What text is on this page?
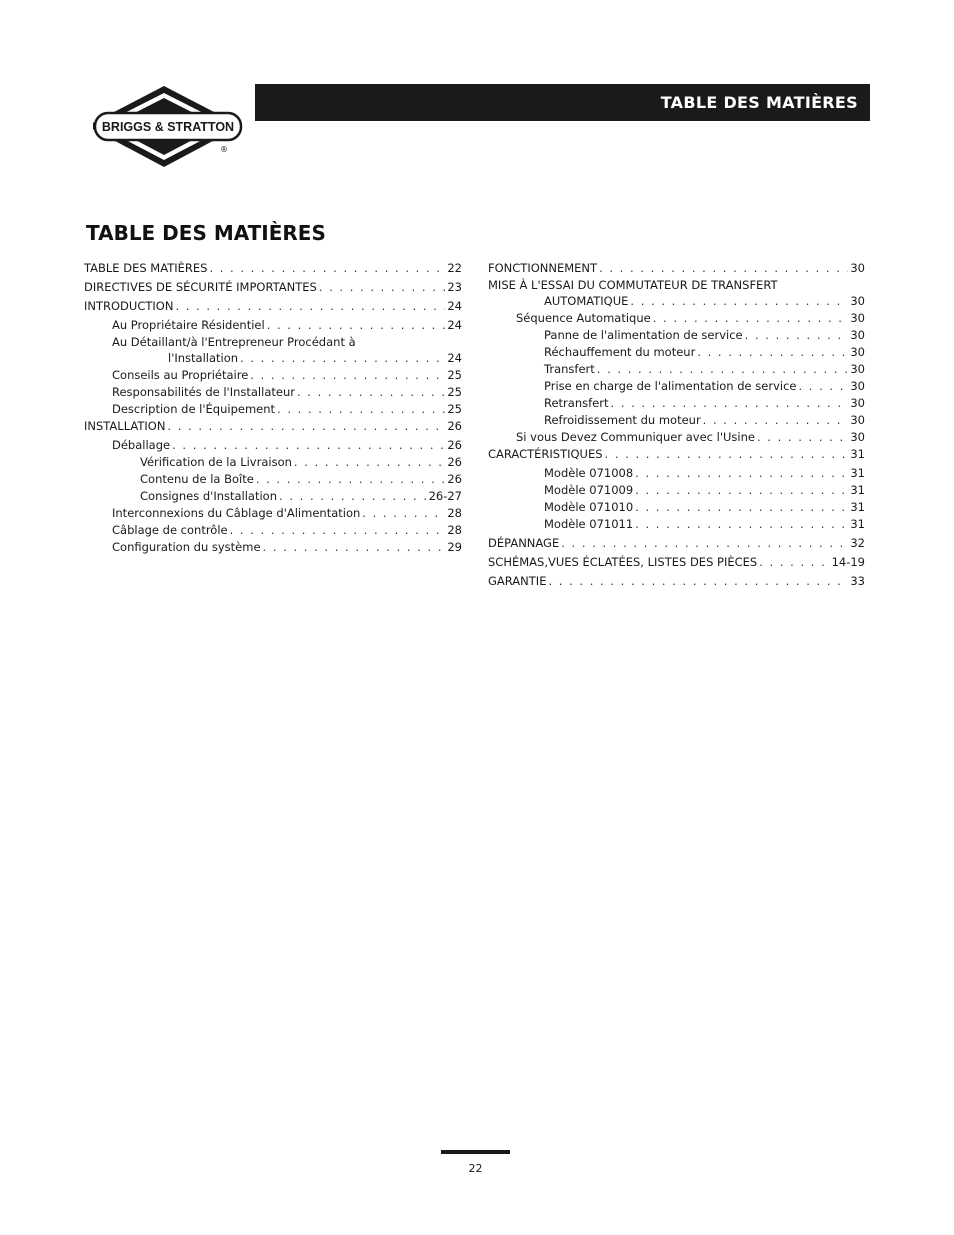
BRIGGS & STRATTON
®
TABLE DES MATIÈRES
TABLE DES MATIÈRES
TABLE DES MATIÈRES . . .	22
DIRECTIVES DE SÉCURITÉ IMPORTANTES . . .	23
INTRODUCTION . . .	24
Au Propriétaire Résidentiel . . .	24
Au Détaillant/à l'Entrepreneur Procédant à
l'Installation . . .	24
Conseils au Propriétaire . . .	25
Responsabilités de l'Installateur . . .	25
Description de l'Équipement . . .	25
INSTALLATION . . .	26
Déballage . . .	26
Vérification de la Livraison . . .	26
Contenu de la Boîte . . .	26
Consignes d'Installation . . .	26-27
Interconnexions du Câblage d'Alimentation . . .	28
Câblage de contrôle . . .	28
Configuration du système . . .	29
FONCTIONNEMENT . . .	30
MISE À L'ESSAI DU COMMUTATEUR DE TRANSFERT
AUTOMATIQUE . . .	30
Séquence Automatique . . .	30
Panne de l'alimentation de service . . .	30
Réchauffement du moteur . . .	30
Transfert . . .	30
Prise en charge de l'alimentation de service . . .	30
Retransfert . . .	30
Refroidissement du moteur . . .	30
Si vous Devez Communiquer avec l'Usine . . .	30
CARACTÉRISTIQUES . . .	31
Modèle 071008 . . .	31
Modèle 071009 . . .	31
Modèle 071010 . . .	31
Modèle 071011 . . .	31
DÉPANNAGE . . .	32
SCHÉMAS,VUES ÉCLATÉES, LISTES DES PIÈCES . . .	14-19
GARANTIE . . .	33
22
